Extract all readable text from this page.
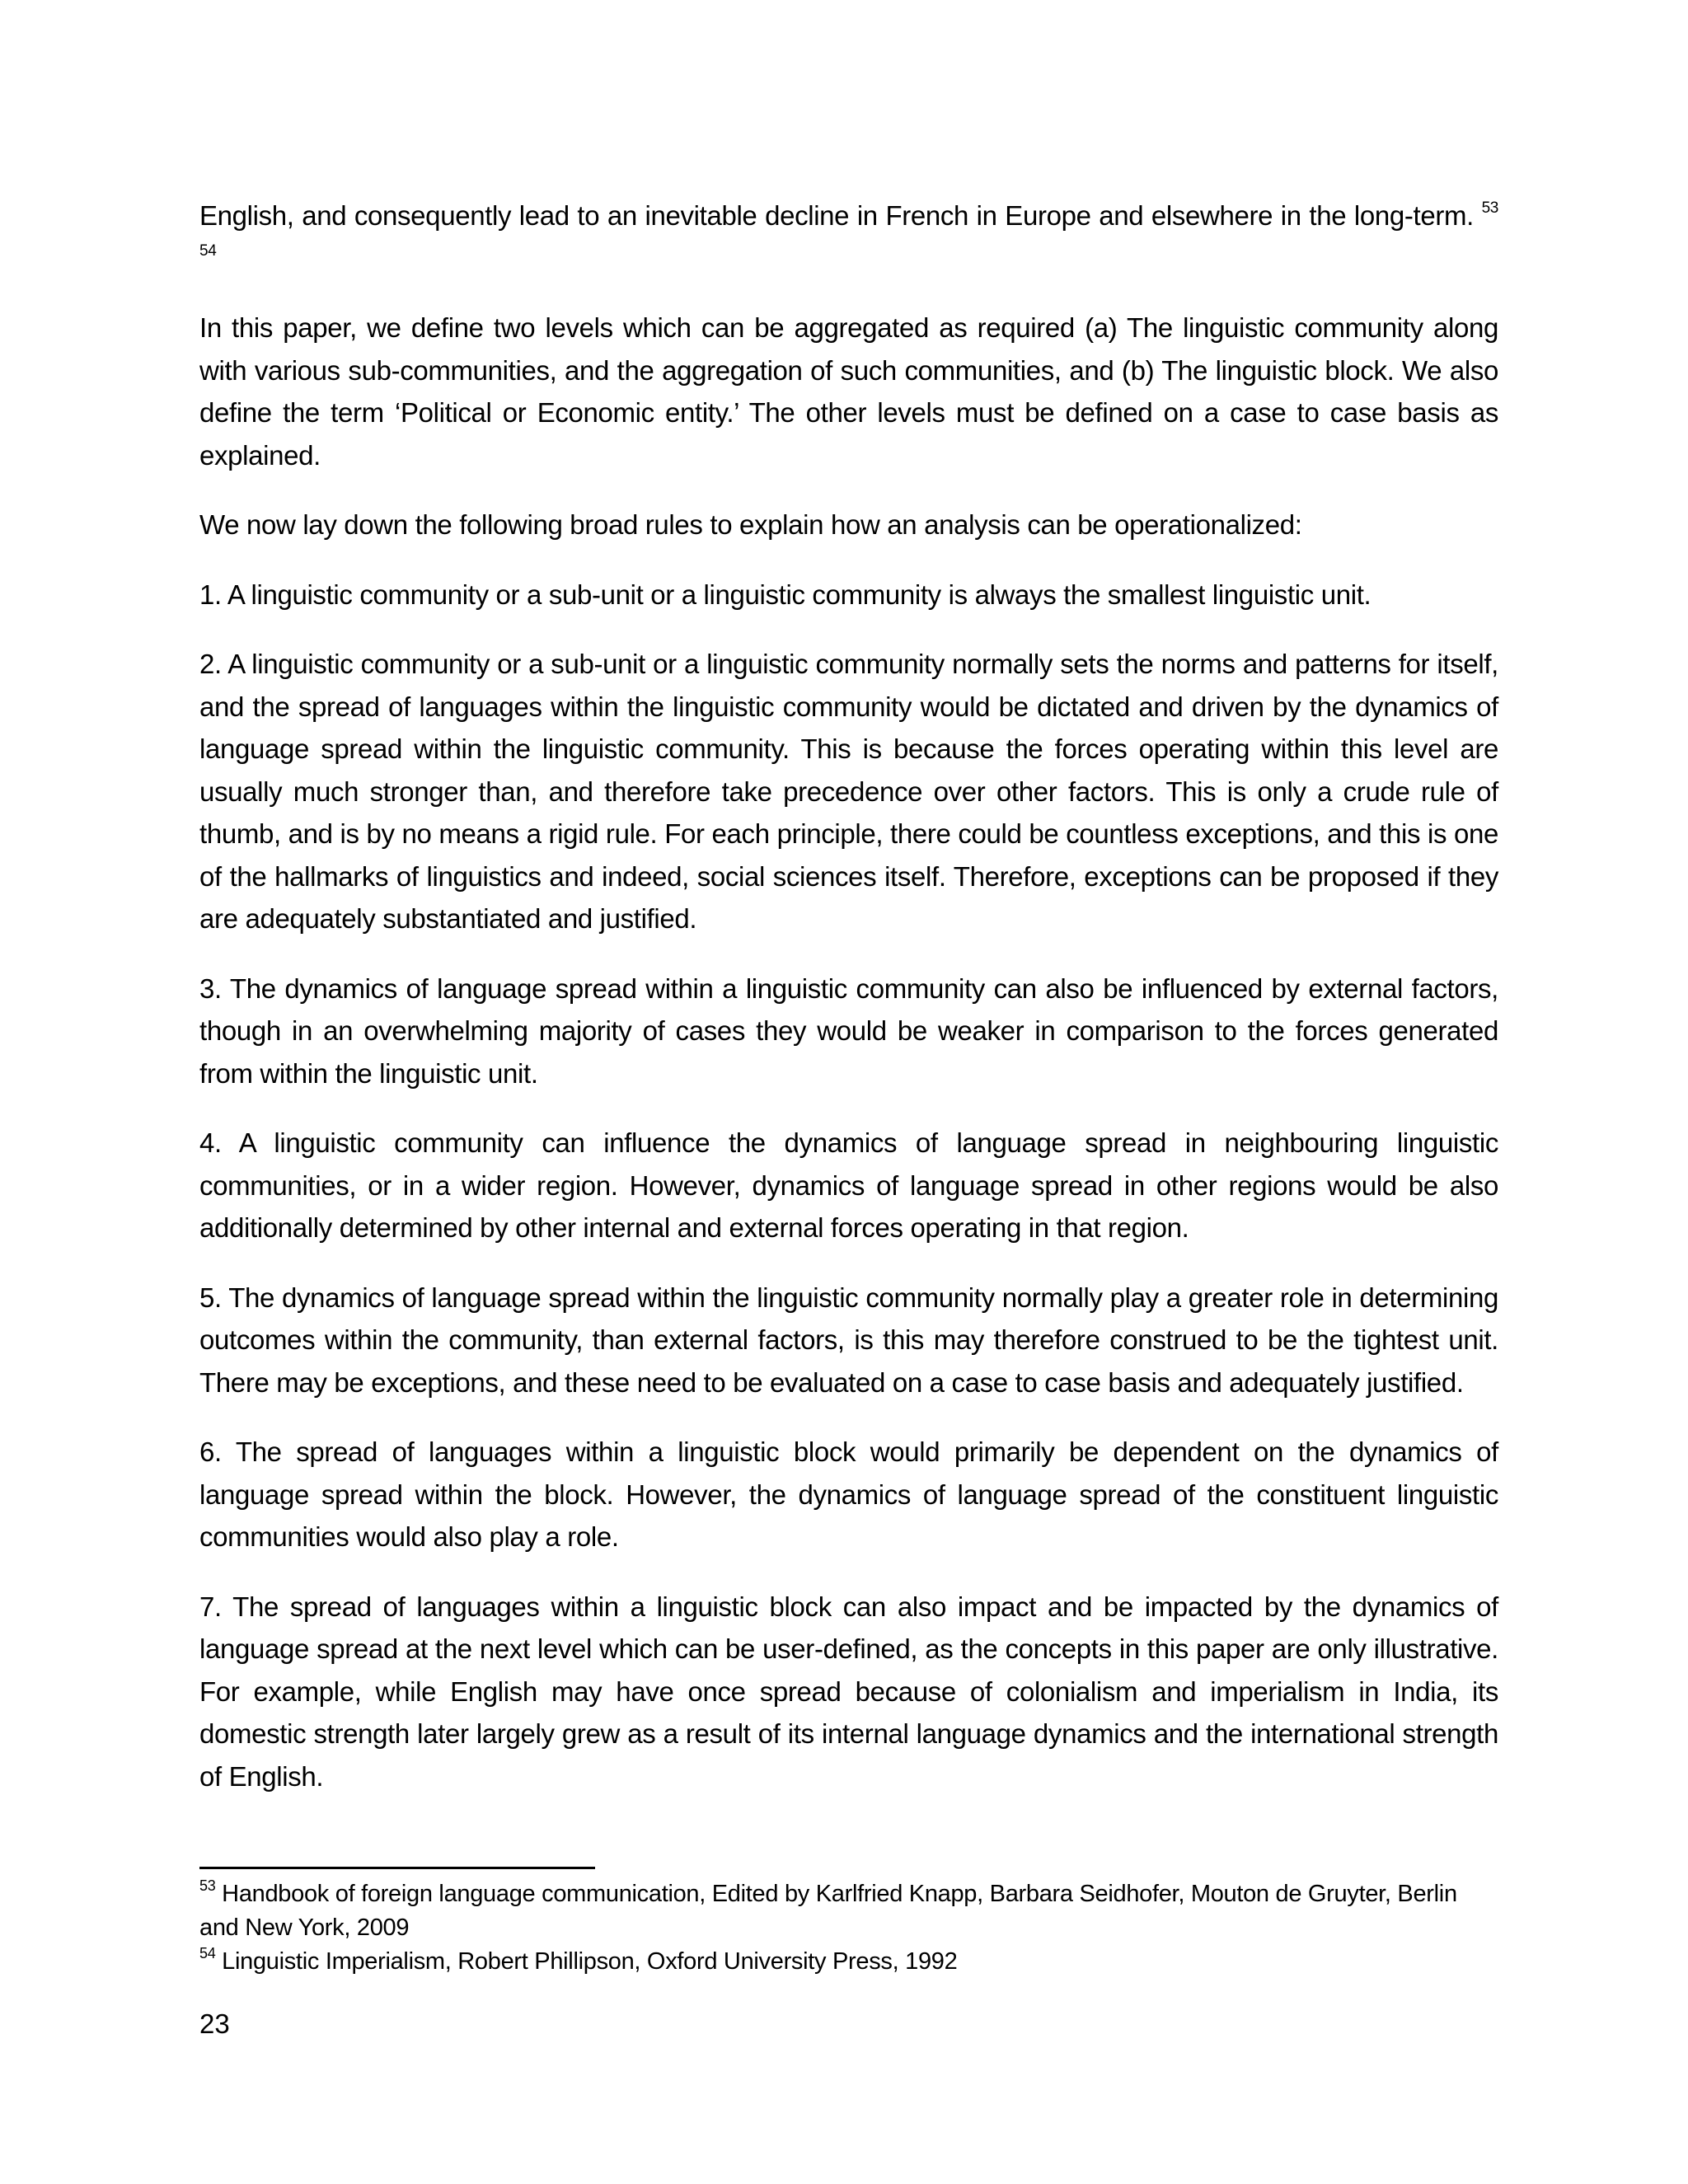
English, and consequently lead to an inevitable decline in French in Europe and elsewhere in the long-term. $^{53}$ $^{54}$

In this paper, we define two levels which can be aggregated as required (a) The linguistic community along with various sub-communities, and the aggregation of such communities, and (b) The linguistic block. We also define the term ‘Political or Economic entity.’ The other levels must be defined on a case to case basis as explained.

We now lay down the following broad rules to explain how an analysis can be operationalized:

1. A linguistic community or a sub-unit or a linguistic community is always the smallest linguistic unit.

2. A linguistic community or a sub-unit or a linguistic community normally sets the norms and patterns for itself, and the spread of languages within the linguistic community would be dictated and driven by the dynamics of language spread within the linguistic community. This is because the forces operating within this level are usually much stronger than, and therefore take precedence over other factors. This is only a crude rule of thumb, and is by no means a rigid rule. For each principle, there could be countless exceptions, and this is one of the hallmarks of linguistics and indeed, social sciences itself. Therefore, exceptions can be proposed if they are adequately substantiated and justified.

3. The dynamics of language spread within a linguistic community can also be influenced by external factors, though in an overwhelming majority of cases they would be weaker in comparison to the forces generated from within the linguistic unit.

4. A linguistic community can influence the dynamics of language spread in neighbouring linguistic communities, or in a wider region. However, dynamics of language spread in other regions would be also additionally determined by other internal and external forces operating in that region.

5. The dynamics of language spread within the linguistic community normally play a greater role in determining outcomes within the community, than external factors, is this may therefore construed to be the tightest unit. There may be exceptions, and these need to be evaluated on a case to case basis and adequately justified.

6. The spread of languages within a linguistic block would primarily be dependent on the dynamics of language spread within the block. However, the dynamics of language spread of the constituent linguistic communities would also play a role.

7. The spread of languages within a linguistic block can also impact and be impacted by the dynamics of language spread at the next level which can be user-defined, as the concepts in this paper are only illustrative. For example, while English may have once spread because of colonialism and imperialism in India, its domestic strength later largely grew as a result of its internal language dynamics and the international strength of English.

$^{53}$ Handbook of foreign language communication, Edited by Karlfried Knapp, Barbara Seidhofer, Mouton de Gruyter, Berlin and New York, 2009

$^{54}$ Linguistic Imperialism, Robert Phillipson, Oxford University Press, 1992

23
